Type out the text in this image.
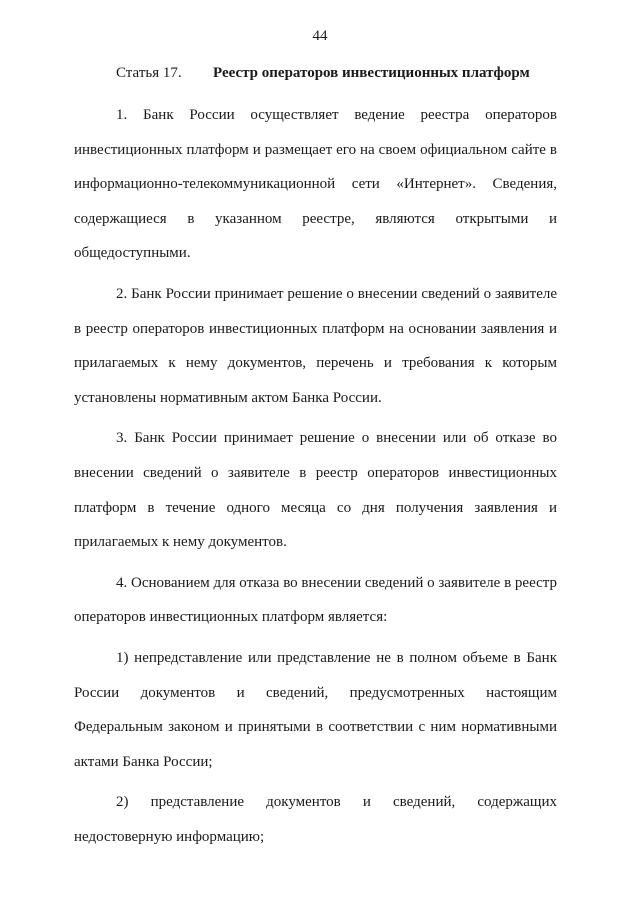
44
Статья 17. Реестр операторов инвестиционных платформ

1. Банк России осуществляет ведение реестра операторов инвестиционных платформ и размещает его на своем официальном сайте в информационно-телекоммуникационной сети «Интернет». Сведения, содержащиеся в указанном реестре, являются открытыми и общедоступными.

2. Банк России принимает решение о внесении сведений о заявителе в реестр операторов инвестиционных платформ на основании заявления и прилагаемых к нему документов, перечень и требования к которым установлены нормативным актом Банка России.

3. Банк России принимает решение о внесении или об отказе во внесении сведений о заявителе в реестр операторов инвестиционных платформ в течение одного месяца со дня получения заявления и прилагаемых к нему документов.

4. Основанием для отказа во внесении сведений о заявителе в реестр операторов инвестиционных платформ является:

1) непредставление или представление не в полном объеме в Банк России документов и сведений, предусмотренных настоящим Федеральным законом и принятыми в соответствии с ним нормативными актами Банка России;

2) представление документов и сведений, содержащих недостоверную информацию;
